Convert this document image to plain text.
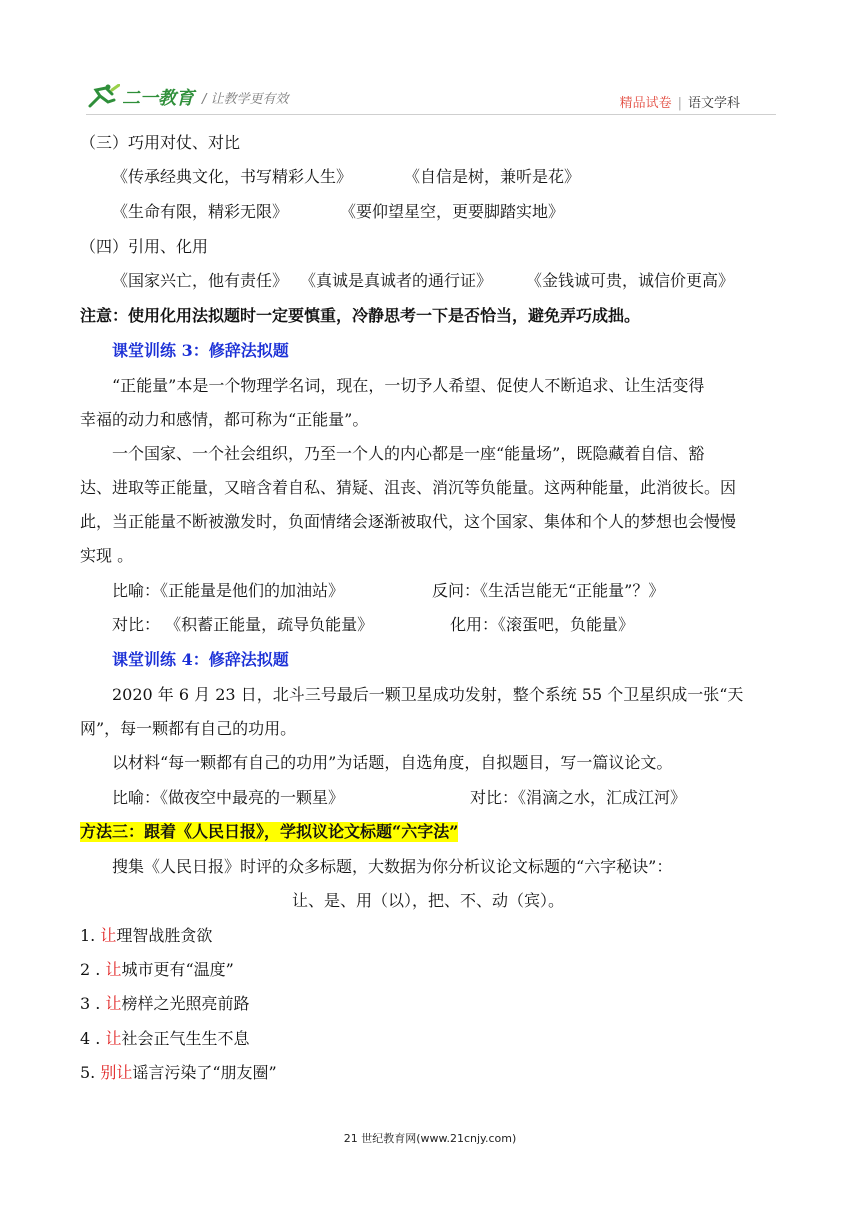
二一教育 / 让教学更有效	精品试卷 | 语文学科
（三）巧用对仗、对比
《传承经典文化，书写精彩人生》	《自信是树，兼听是花》
《生命有限，精彩无限》	《要仰望星空，更要脚踏实地》
（四）引用、化用
《国家兴亡，他有责任》 《真诚是真诚者的通行证》 《金钱诚可贵，诚信价更高》
注意：使用化用法拟题时一定要慎重，冷静思考一下是否恰当，避免弄巧成拙。
课堂训练 3：修辞法拟题
“正能量”本是一个物理学名词，现在，一切予人希望、促使人不断追求、让生活变得
幸福的动力和感情，都可称为“正能量”。
一个国家、一个社会组织，乃至一个人的内心都是一座“能量场”，既隐藏着自信、豁
达、进取等正能量，又暗含着自私、猜疑、沮丧、消沉等负能量。这两种能量，此消彼长。因
此，当正能量不断被激发时，负面情绪会逐渐被取代，这个国家、集体和个人的梦想也会慢慢
实现 。
比喻：《正能量是他们的加油站》	反问：《生活岂能无“正能量”？》
对比： 《积蓄正能量，疏导负能量》	化用：《滚蛋吧，负能量》
课堂训练 4：修辞法拟题
2020 年 6 月 23 日，北斗三号最后一颗卫星成功发射，整个系统 55 个卫星织成一张“天
网”，每一颗都有自己的功用。
以材料“每一颗都有自己的功用”为话题，自选角度，自拟题目，写一篇议论文。
比喻：《做夜空中最亮的一颗星》	对比：《涓滴之水，汇成江河》
方法三：跟着《人民日报》，学拟议论文标题“六字法”
搜集《人民日报》时评的众多标题，大数据为你分析议论文标题的“六字秘诀”：
让、是、用（以），把、不、动（宾）。
1. 让理智战胜贪欲
2 . 让城市更有“温度”
3 . 让榜样之光照亮前路
4 . 让社会正气生生不息
5. 别让谣言污染了“朋友圈”
21 世纪教育网(www.21cnjy.com)
